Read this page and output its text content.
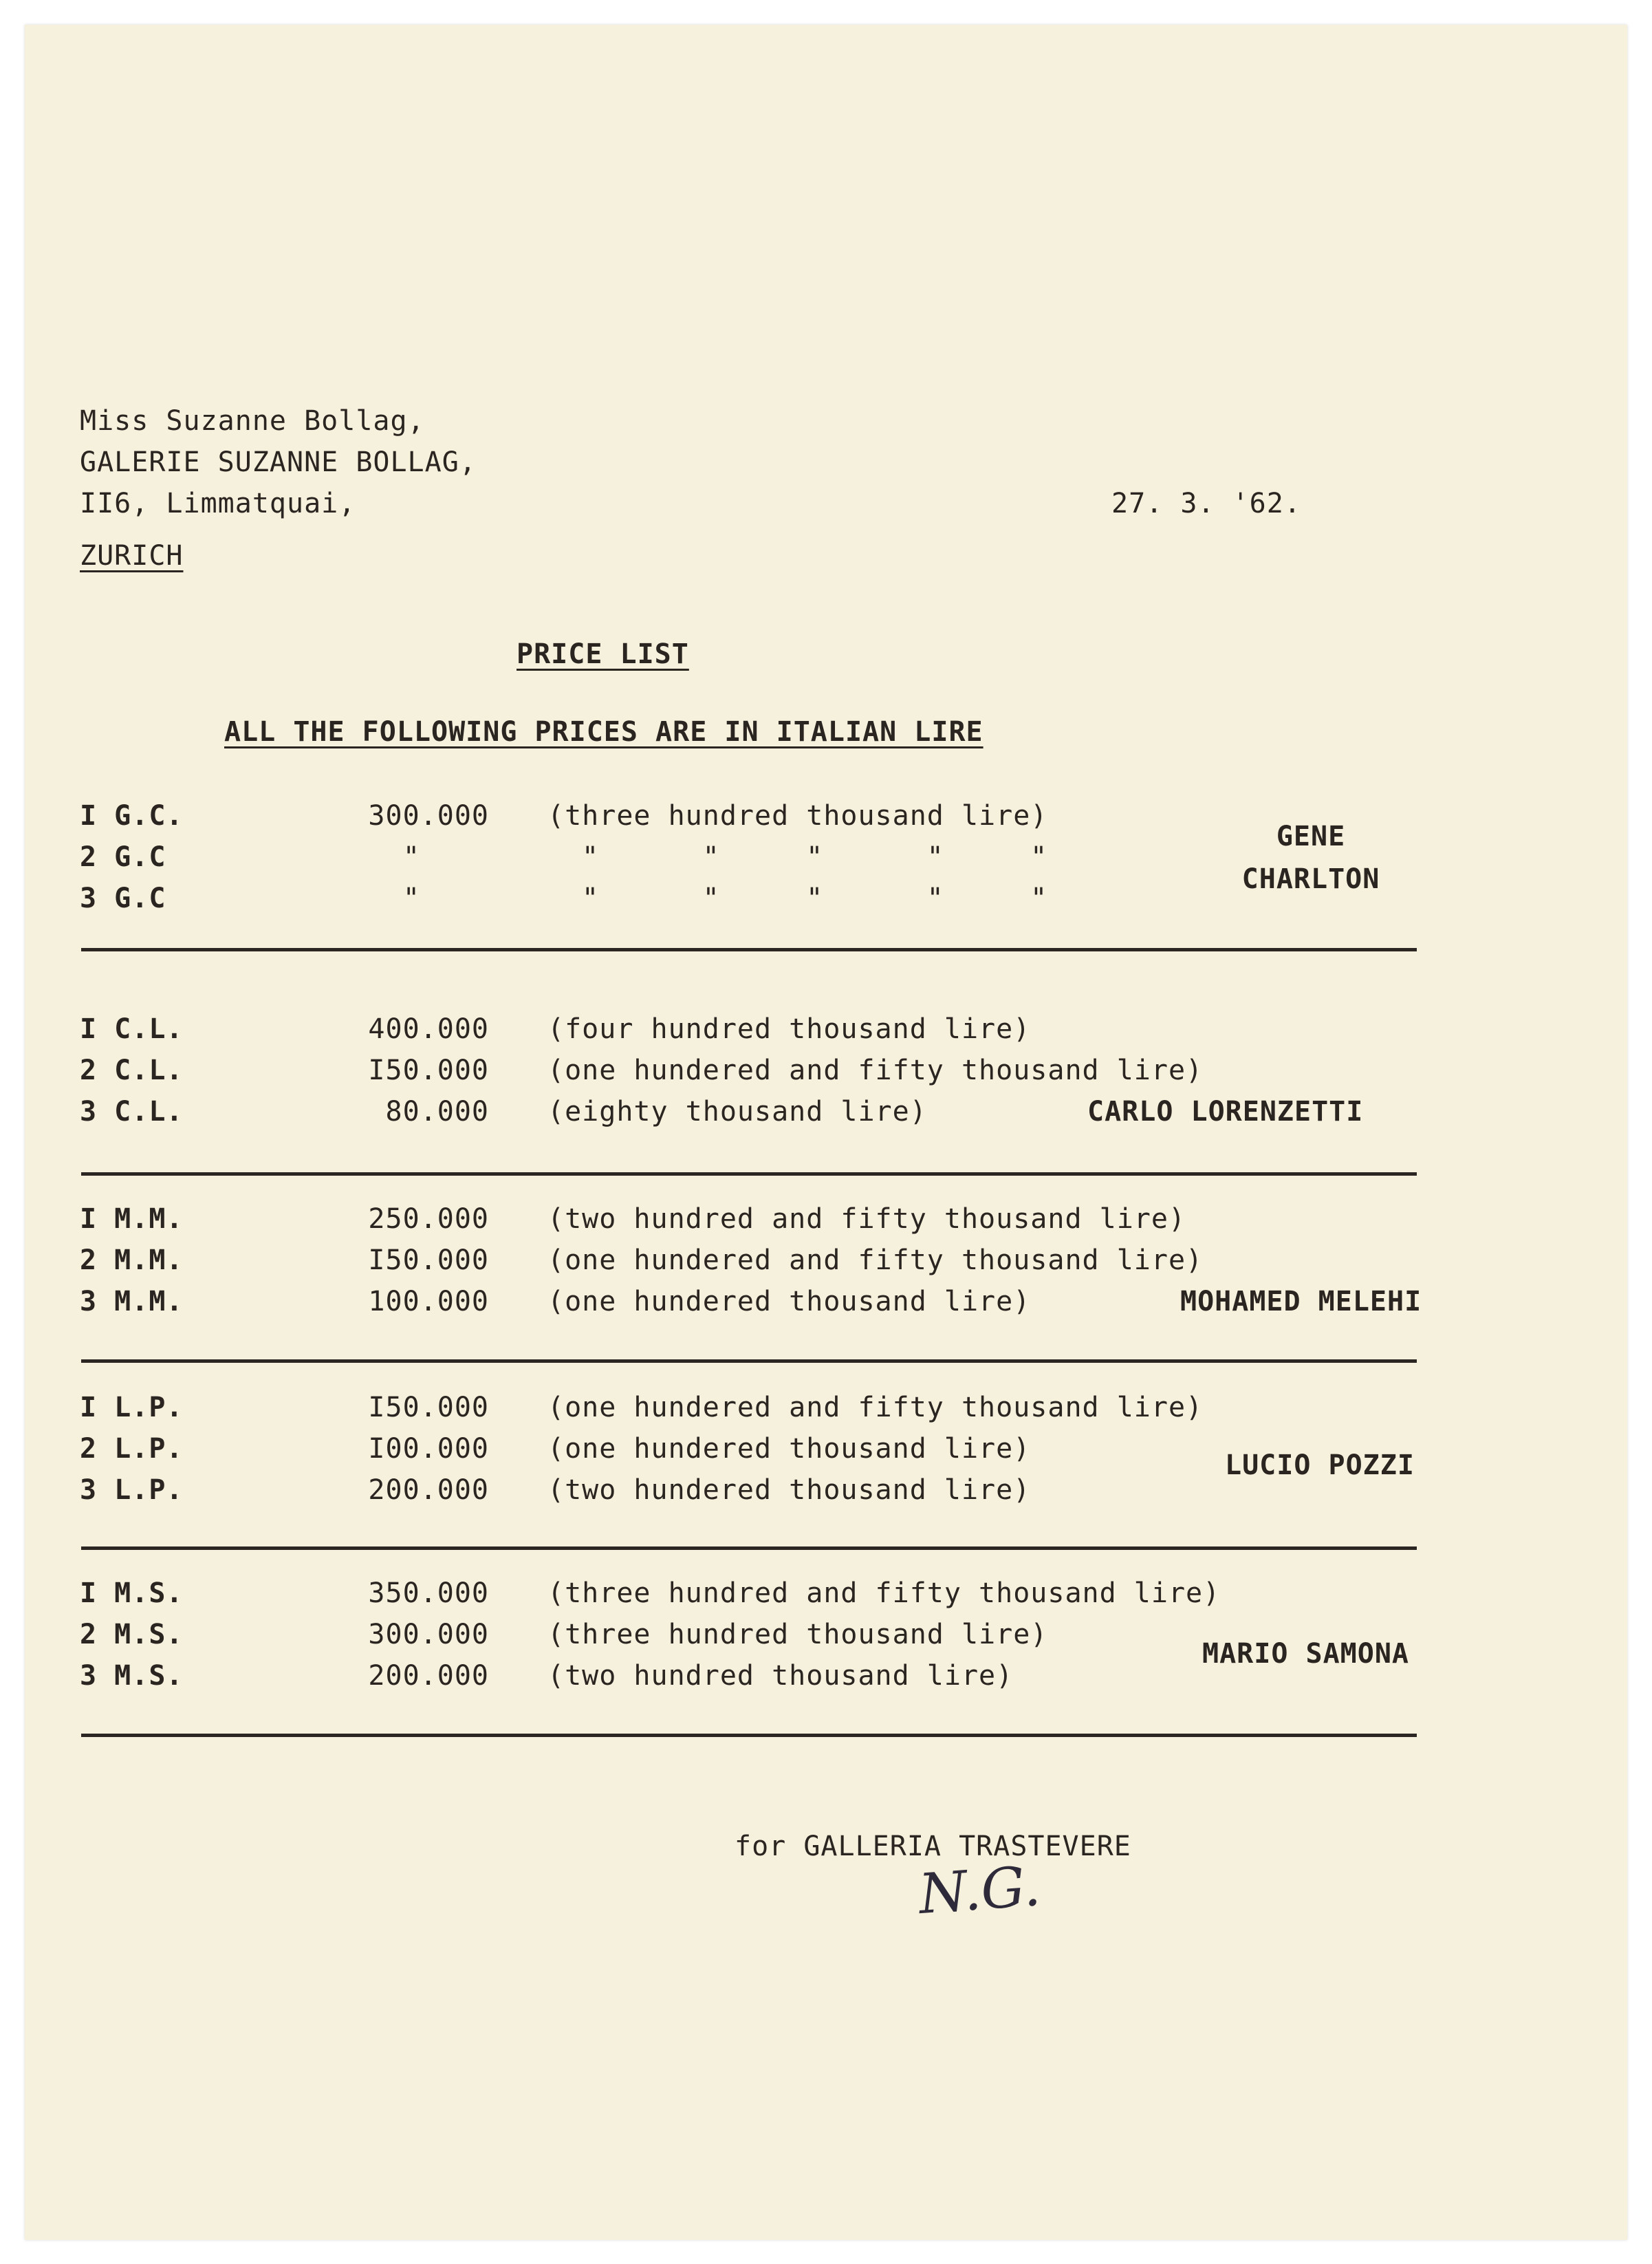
Miss Suzanne Bollag,
GALERIE SUZANNE BOLLAG,
II6, Limmatquai,
ZURICH
27. 3. '62.
PRICE LIST
ALL THE FOLLOWING PRICES ARE IN ITALIAN LIRE
I G.C.	300.000 (three hundred thousand lire)
2 G.C	"	"      "     "      "     "
3 G.C	"	"      "     "      "     "
GENE
CHARLTON
I C.L.	400.000 (four hundred thousand lire)
2 C.L.	I50.000 (one hundered and fifty thousand lire)
3 C.L.	80.000 (eighty thousand lire)	CARLO LORENZETTI
I M.M.	250.000 (two hundred and fifty thousand lire)
2 M.M.	I50.000 (one hundered and fifty thousand lire)
3 M.M.	100.000 (one hundered thousand lire)	MOHAMED MELEHI
I L.P.	I50.000 (one hundered and fifty thousand lire)
2 L.P.	I00.000 (one hundered thousand lire)
3 L.P.	200.000 (two hundered thousand lire)
LUCIO POZZI
I M.S.	350.000 (three hundred and fifty thousand lire)
2 M.S.	300.000 (three hundred thousand lire)
3 M.S.	200.000 (two hundred thousand lire)
MARIO SAMONA
for GALLERIA TRASTEVERE
N.G.
